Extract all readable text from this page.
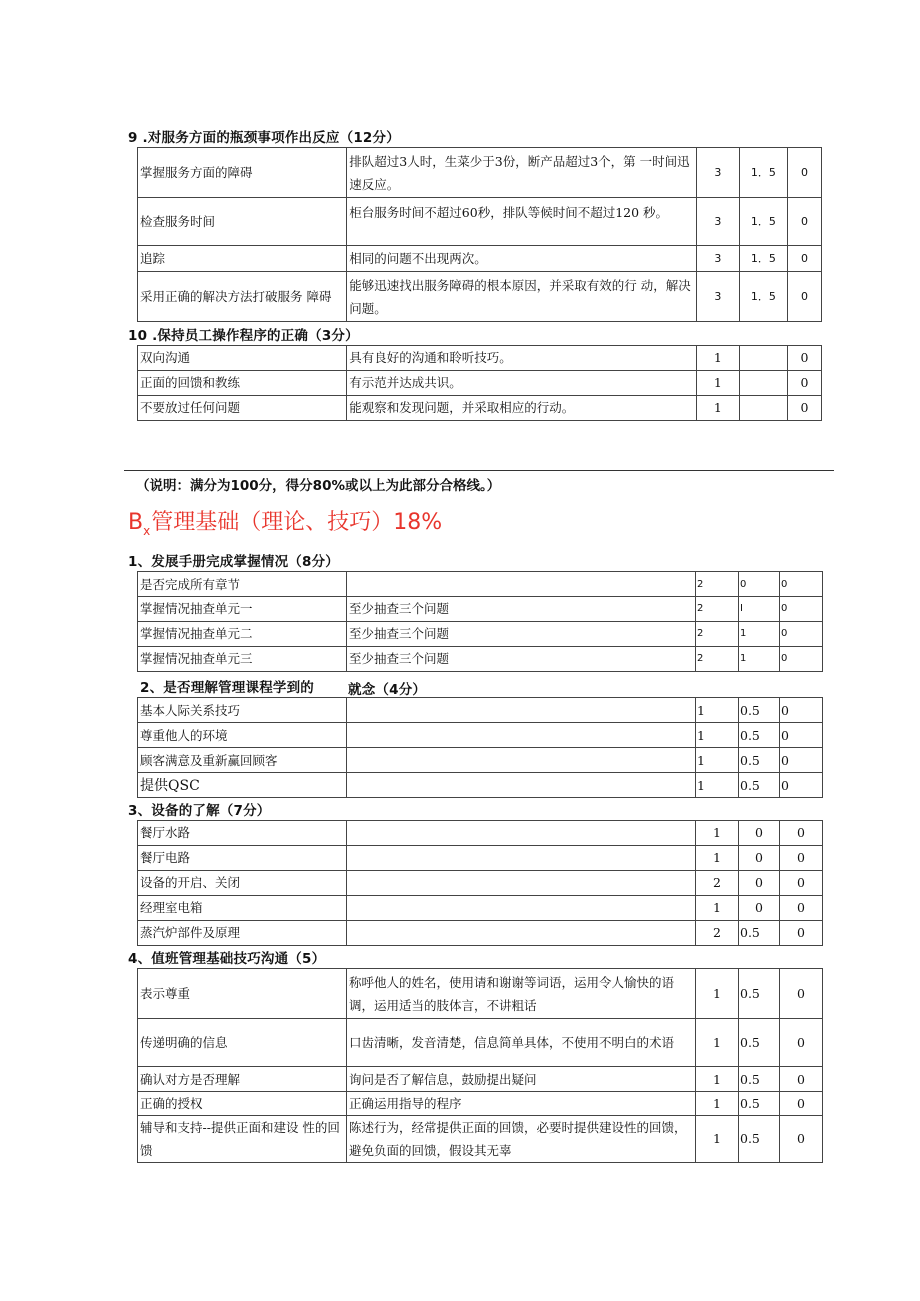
9 .对服务方面的瓶颈事项作出反应（12分）
掌握服务方面的障碍	排队超过3人时，生菜少于3份，断产品超过3个，第 一时间迅速反应。	3	1．5	0
检查服务时间	柜台服务时间不超过60秒，排队等候时间不超过120 秒。	3	1．5	0
追踪	相同的问题不出现两次。	3	1．5	0
采用正确的解决方法打破服务 障碍	能够迅速找出服务障碍的根本原因，并采取有效的行 动，解决问题。	3	1．5	0
10 .保持员工操作程序的正确（3分）
双向沟通	具有良好的沟通和聆听技巧。	1		0
正面的回馈和教练	有示范并达成共识。	1		0
不要放过任何问题	能观察和发现问题，并采取相应的行动。	1		0
（说明：满分为100分，得分80%或以上为此部分合格线。）
$B_x$管理基础（理论、技巧）18%
1、发展手册完成掌握情况（8分）
是否完成所有章节		2	0	0
掌握情况抽查单元一	至少抽查三个问题	2	I	0
掌握情况抽查单元二	至少抽查三个问题	2	1	0
掌握情况抽查单元三	至少抽查三个问题	2	1	0
2、是否理解管理课程学到的	就念（4分）
基本人际关系技巧		1	0.5	0
尊重他人的环境		1	0.5	0
顾客满意及重新赢回顾客		1	0.5	0
提供QSC		1	0.5	0
3、设备的了解（7分）
餐厅水路		1	0	0
餐厅电路		1	0	0
设备的开启、关闭		2	0	0
经理室电箱		1	0	0
蒸汽炉部件及原理		2	0.5	0
4、值班管理基础技巧沟通（5）
表示尊重	称呼他人的姓名，使用请和谢谢等词语，运用令人愉快的语调，运用适当的肢体言，不讲粗话	1	0.5	0
传递明确的信息	口齿清晰，发音清楚，信息简单具体，不使用不明白的术语	1	0.5	0
确认对方是否理解	询问是否了解信息，鼓励提出疑问	1	0.5	0
正确的授权	正确运用指导的程序	1	0.5	0
辅导和支持--提供正面和建设 性的回馈	陈述行为，经常提供正面的回馈，必要时提供建设性的回馈，避免负面的回馈，假设其无辜	1	0.5	0
